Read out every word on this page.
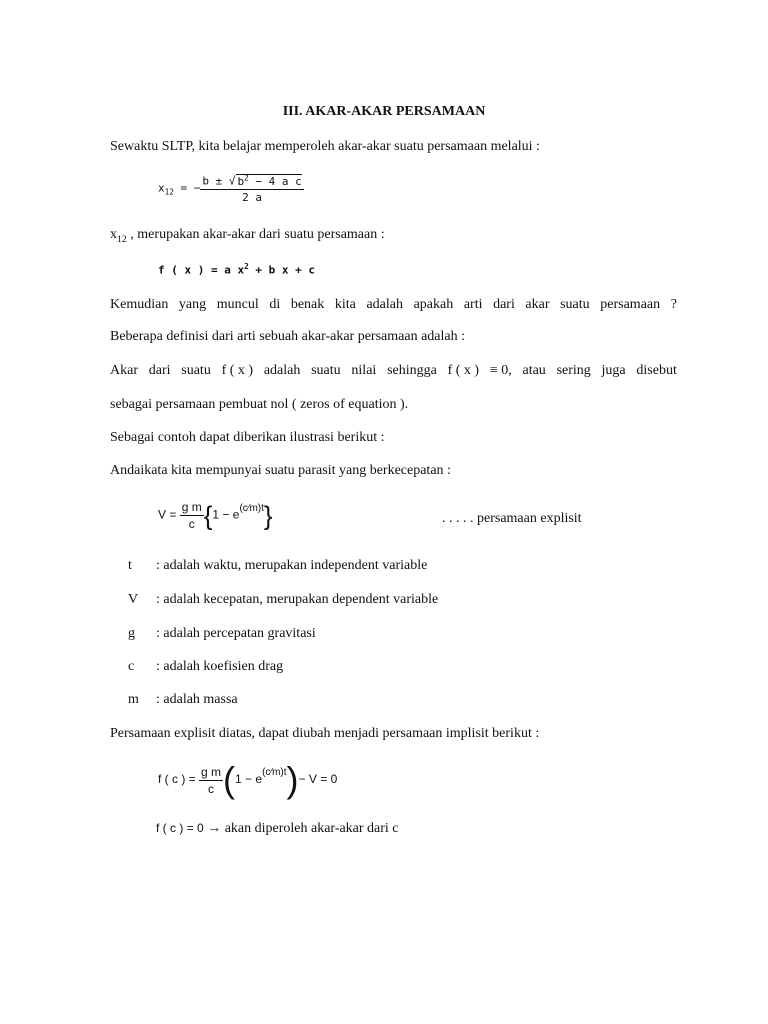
III. AKAR-AKAR PERSAMAAN
Sewaktu SLTP, kita belajar memperoleh akar-akar suatu persamaan melalui :
$x_{12}$ = − $\frac{b \pm √ b^2 - 4 a c}{2 a}$
$x_{12}$ , merupakan akar-akar dari suatu persamaan :
f ( x ) = a $x^2 + b$ x + c
Kemudian yang muncul di benak kita adalah apakah arti dari akar suatu persamaan ?
Beberapa definisi dari arti sebuah akar-akar persamaan adalah :
Akar dari suatu f ( x ) adalah suatu nilai sehingga f ( x ) ≡ 0, atau sering juga disebut
sebagai persamaan pembuat nol ( zeros of equation ).
Sebagai contoh dapat diberikan ilustrasi berikut :
Andaikata kita mempunyai suatu parasit yang berkecepatan :
$V = \frac{\text{g m}}{c} \{1 - e^{(c⁄m)t}\}$	. . . . . persamaan explisit
t : adalah waktu, merupakan independent variable
V : adalah kecepatan, merupakan dependent variable
g : adalah percepatan gravitasi
c : adalah koefisien drag
m : adalah massa
Persamaan explisit diatas, dapat diubah menjadi persamaan implisit berikut :
f ( c ) = $\frac{\text{g m}}{c} (1 - e^{(c⁄m)t})- V = 0$
f ( c ) = 0 → akan diperoleh akar-akar dari c
